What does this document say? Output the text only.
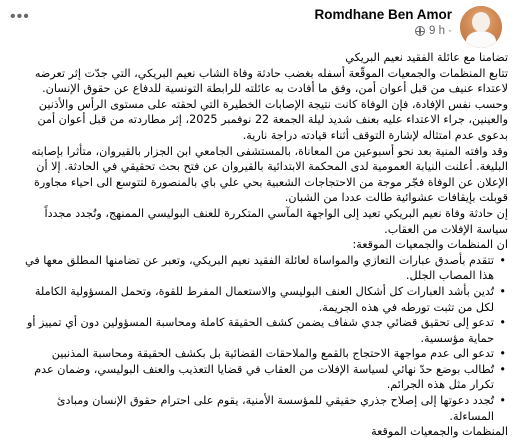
•••	Romdhane Ben Amor
9 h ·

تضامنا مع عائلة الفقيد نعيم البريكي

تتابع المنظمات والجمعيات الموقّعة أسفله بغضب حادثة وفاة الشاب نعيم البريكي، التي جدّت إثر تعرضه لاعتداء عنيف من قبل أعوان أمن، وفق ما أفادت به عائلته للرابطة التونسية للدفاع عن حقوق الإنسان.

وحسب نفس الإفادة، فإن الوفاة كانت نتيجة الإصابات الخطيرة التي لحقته على مستوى الرأس والأذنين والعينين، جراء الاعتداء عليه بعنف شديد ليلة الجمعة 22 نوفمبر 2025، إثر مطاردته من قبل أعوان أمن بدعوى عدم امتثاله لإشارة التوقف أثناء قيادته دراجة نارية.

وقد وافته المنية بعد نحو أسبوعين من المعاناة، بالمستشفى الجامعي ابن الجزار بالقيروان، متأثرا بإصابته البليغة. أعلنت النيابة العمومية لدى المحكمة الابتدائية بالقيروان عن فتح بحث تحقيقي في الحادثة. إلا أن الإعلان عن الوفاة فجّر موجة من الاحتجاجات الشعبية بحي علي باي بالمنصورة لتتوسع الى احياء مجاورة قوبلت بإيقافات عشوائية طالت عددا من الشبان.

إن حادثة وفاة نعيم البريكي تعيد إلى الواجهة المآسي المتكررة للعنف البوليسي الممنهج، وتُجدد مجدداً سياسة الإفلات من العقاب.

ان المنظمات والجمعيات الموقعة:

• تتقدم بأصدق عبارات التعازي والمواساة لعائلة الفقيد نعيم البريكي، وتعبر عن تضامنها المطلق معها في هذا المصاب الجلل.
• تُدين بأشد العبارات كل أشكال العنف البوليسي والاستعمال المفرط للقوة، وتحمل المسؤولية الكاملة لكل من تثبت تورطه في هذه الجريمة.
• تدعو إلى تحقيق قضائي جدي شفاف يضمن كشف الحقيقة كاملة ومحاسبة المسؤولين دون أي تمييز أو حماية مؤسسية.
• تدعو الى عدم مواجهة الاحتجاج بالقمع والملاحقات القضائية بل بكشف الحقيقة ومحاسبة المذنبين
• تُطالب بوضع حدّ نهائي لسياسة الإفلات من العقاب في قضايا التعذيب والعنف البوليسي، وضمان عدم تكرار مثل هذه الجرائم.
• تُجدد دعوتها إلى إصلاح جذري حقيقي للمؤسسة الأمنية، يقوم على احترام حقوق الإنسان ومبادئ المساءلة.

المنظمات والجمعيات الموقعة
